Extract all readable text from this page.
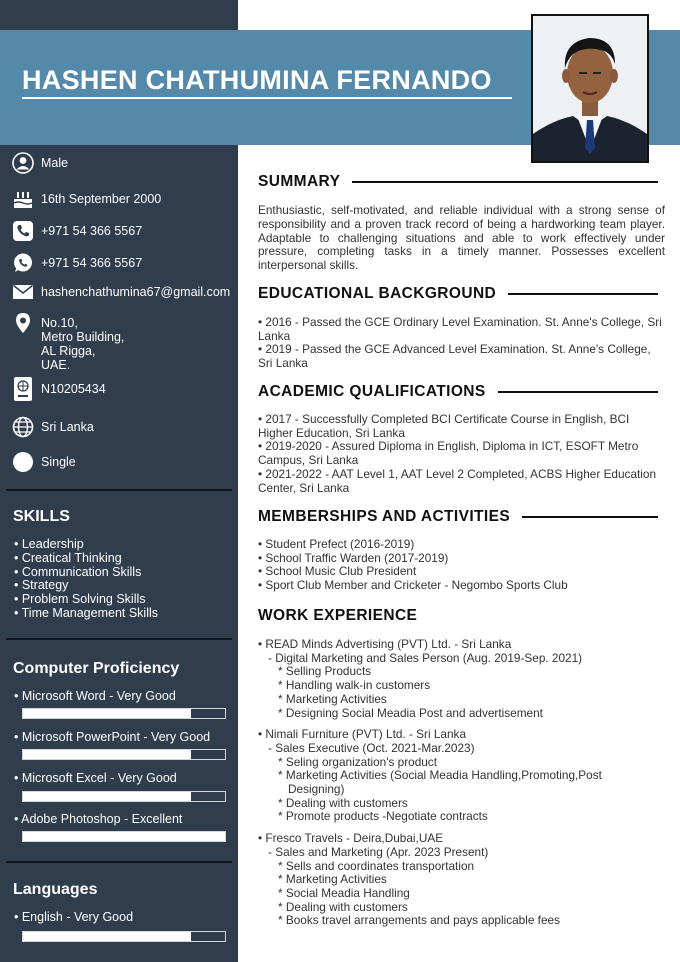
HASHEN CHATHUMINA FERNANDO
Male
16th September 2000
+971 54 366 5567
+971 54 366 5567
hashenchathumina67@gmail.com
No.10,
Metro Building,
AL Rigga,
UAE.
N10205434
Sri Lanka
Single
SKILLS
• Leadership
• Creatical Thinking
• Communication Skills
• Strategy
• Problem Solving Skills
• Time Management Skills
Computer Proficiency
• Microsoft Word - Very Good
• Microsoft PowerPoint - Very Good
• Microsoft Excel - Very Good
• Adobe Photoshop - Excellent
Languages
• English - Very Good
SUMMARY

Enthusiastic, self-motivated, and reliable individual with a strong sense of responsibility and a proven track record of being a hardworking team player. Adaptable to challenging situations and able to work effectively under pressure, completing tasks in a timely manner. Possesses excellent interpersonal skills.

EDUCATIONAL BACKGROUND
• 2016 - Passed the GCE Ordinary Level Examination. St. Anne's College, Sri Lanka
• 2019 - Passed the GCE Advanced Level Examination. St. Anne's College, Sri Lanka
ACADEMIC QUALIFICATIONS
• 2017 - Successfully Completed BCI Certificate Course in English, BCI Higher Education, Sri Lanka
• 2019-2020 - Assured Diploma in English, Diploma in ICT, ESOFT Metro Campus, Sri Lanka
• 2021-2022 - AAT Level 1, AAT Level 2 Completed, ACBS Higher Education Center, Sri Lanka
MEMBERSHIPS AND ACTIVITIES
• Student Prefect (2016-2019)
• School Traffic Warden (2017-2019)
• School Music Club President
• Sport Club Member and Cricketer - Negombo Sports Club
WORK EXPERIENCE
• READ Minds Advertising (PVT) Ltd. - Sri Lanka
- Digital Marketing and Sales Person (Aug. 2019-Sep. 2021)
* Selling Products
* Handling walk-in customers
* Marketing Activities
* Designing Social Meadia Post and advertisement
• Nimali Furniture (PVT) Ltd. - Sri Lanka
- Sales Executive (Oct. 2021-Mar.2023)
* Seling organization's product
* Marketing Activities (Social Meadia Handling,Promoting,Post
Designing)
* Dealing with customers
* Promote products -Negotiate contracts
• Fresco Travels - Deira,Dubai,UAE
- Sales and Marketing (Apr. 2023 Present)
* Sells and coordinates transportation
* Marketing Activities
* Social Meadia Handling
* Dealing with customers
* Books travel arrangements and pays applicable fees
